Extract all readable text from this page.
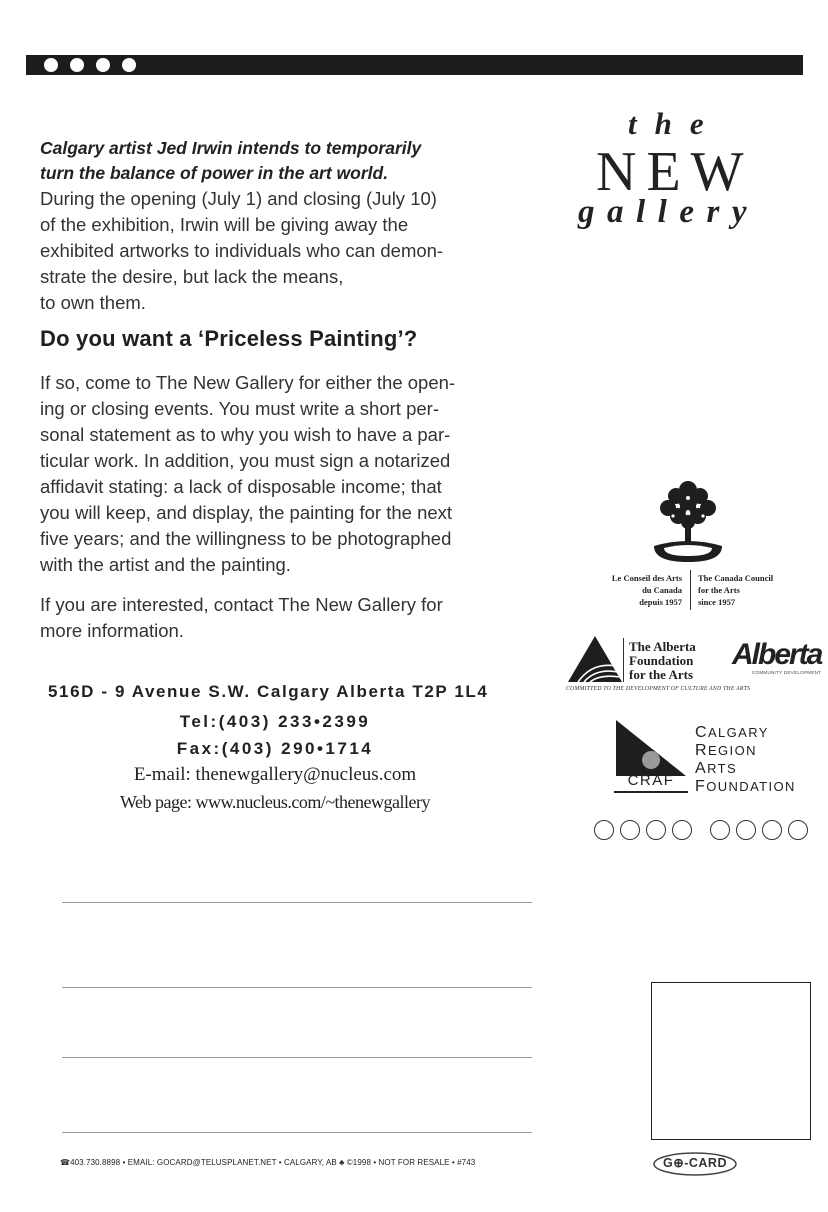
Calgary artist Jed Irwin intends to temporarily
turn the balance of power in the art world.
During the opening (July 1) and closing (July 10)
of the exhibition, Irwin will be giving away the
exhibited artworks to individuals who can demon-
strate the desire, but lack the means,
to own them.
Do you want a ‘Priceless Painting’?
If so, come to The New Gallery for either the open-
ing or closing events. You must write a short per-
sonal statement as to why you wish to have a par-
ticular work. In addition, you must sign a notarized
affidavit stating: a lack of disposable income; that
you will keep, and display, the painting for the next
five years; and the willingness to be photographed
with the artist and the painting.
If you are interested, contact The New Gallery for
more information.
516D - 9 Avenue S.W. Calgary Alberta T2P 1L4
Tel:(403) 233•2399
Fax:(403) 290•1714
E-mail: thenewgallery@nucleus.com
Web page: www.nucleus.com/~thenewgallery
the
NEW
gallery
Le Conseil des Arts
du Canada
depuis 1957
The Canada Council
for the Arts
since 1957
The Alberta
Foundation
for the Arts
Alberta
COMMUNITY DEVELOPMENT
COMMITTED TO THE DEVELOPMENT OF CULTURE AND THE ARTS
CRAF
CALGARY
REGION
ARTS
FOUNDATION
☎403.730.8898 • EMAIL: GOCARD@TELUSPLANET.NET • CALGARY, AB ♣ ©1998 • NOT FOR RESALE • #743	G⊕-CARD
